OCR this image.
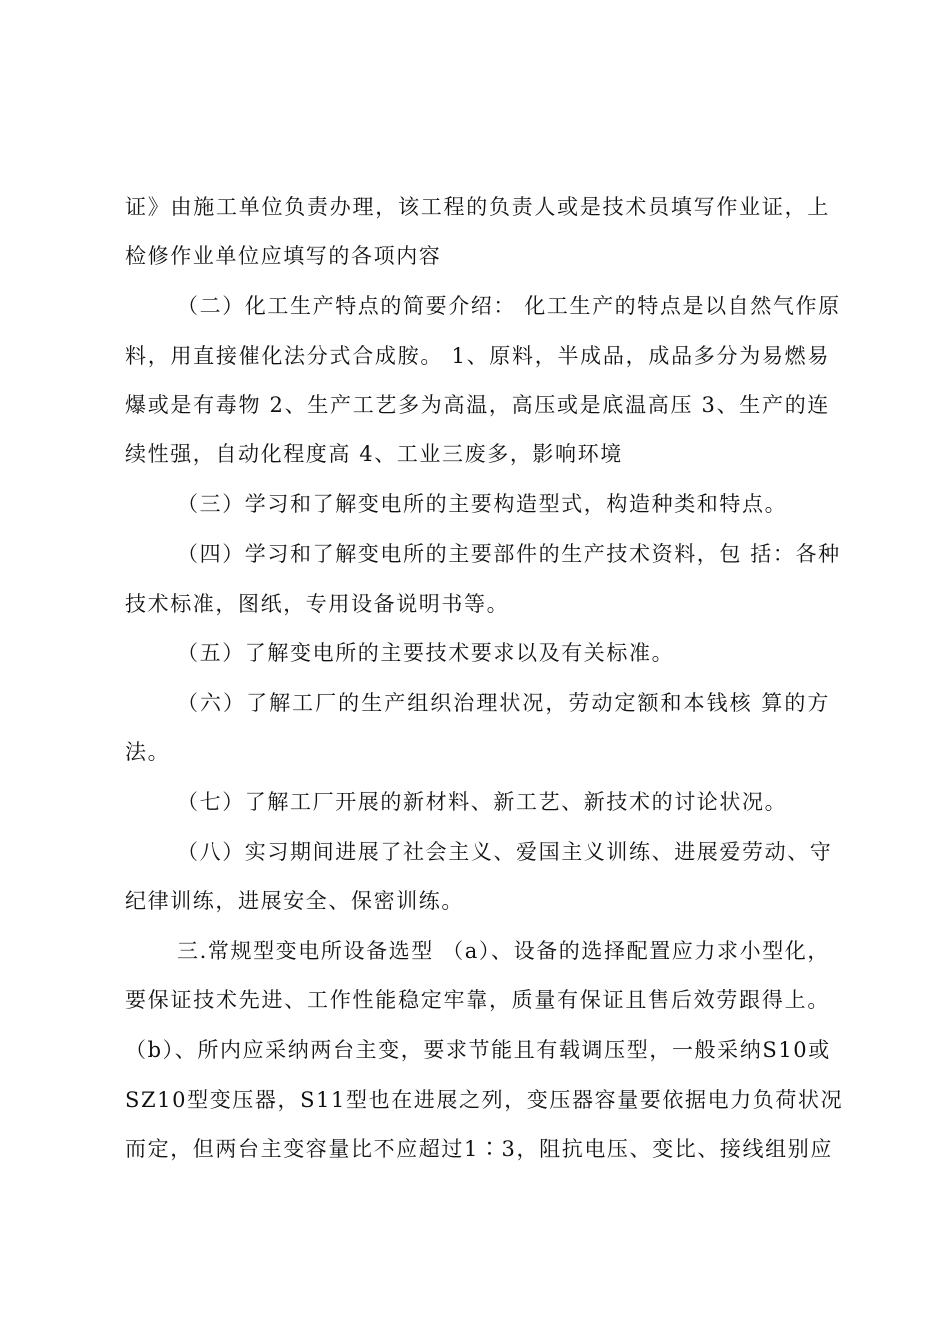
证》由施工单位负责办理，该工程的负责人或是技术员填写作业证，上
检修作业单位应填写的各项内容
（二）化工生产特点的简要介绍： 化工生产的特点是以自然气作原
料，用直接催化法分式合成胺。 1、原料，半成品，成品多分为易燃易
爆或是有毒物 2、生产工艺多为高温，高压或是底温高压 3、生产的连
续性强，自动化程度高 4、工业三废多，影响环境
（三）学习和了解变电所的主要构造型式，构造种类和特点。
（四）学习和了解变电所的主要部件的生产技术资料，包 括：各种
技术标准，图纸，专用设备说明书等。
（五）了解变电所的主要技术要求以及有关标准。
（六）了解工厂的生产组织治理状况，劳动定额和本钱核 算的方
法。
（七）了解工厂开展的新材料、新工艺、新技术的讨论状况。
（八）实习期间进展了社会主义、爱国主义训练、进展爱劳动、守
纪律训练，进展安全、保密训练。
三.常规型变电所设备选型 （a）、设备的选择配置应力求小型化，
要保证技术先进、工作性能稳定牢靠，质量有保证且售后效劳跟得上。
（b）、所内应采纳两台主变，要求节能且有载调压型，一般采纳S10或
SZ10型变压器，S11型也在进展之列，变压器容量要依据电力负荷状况
而定，但两台主变容量比不应超过1∶3，阻抗电压、变比、接线组别应
